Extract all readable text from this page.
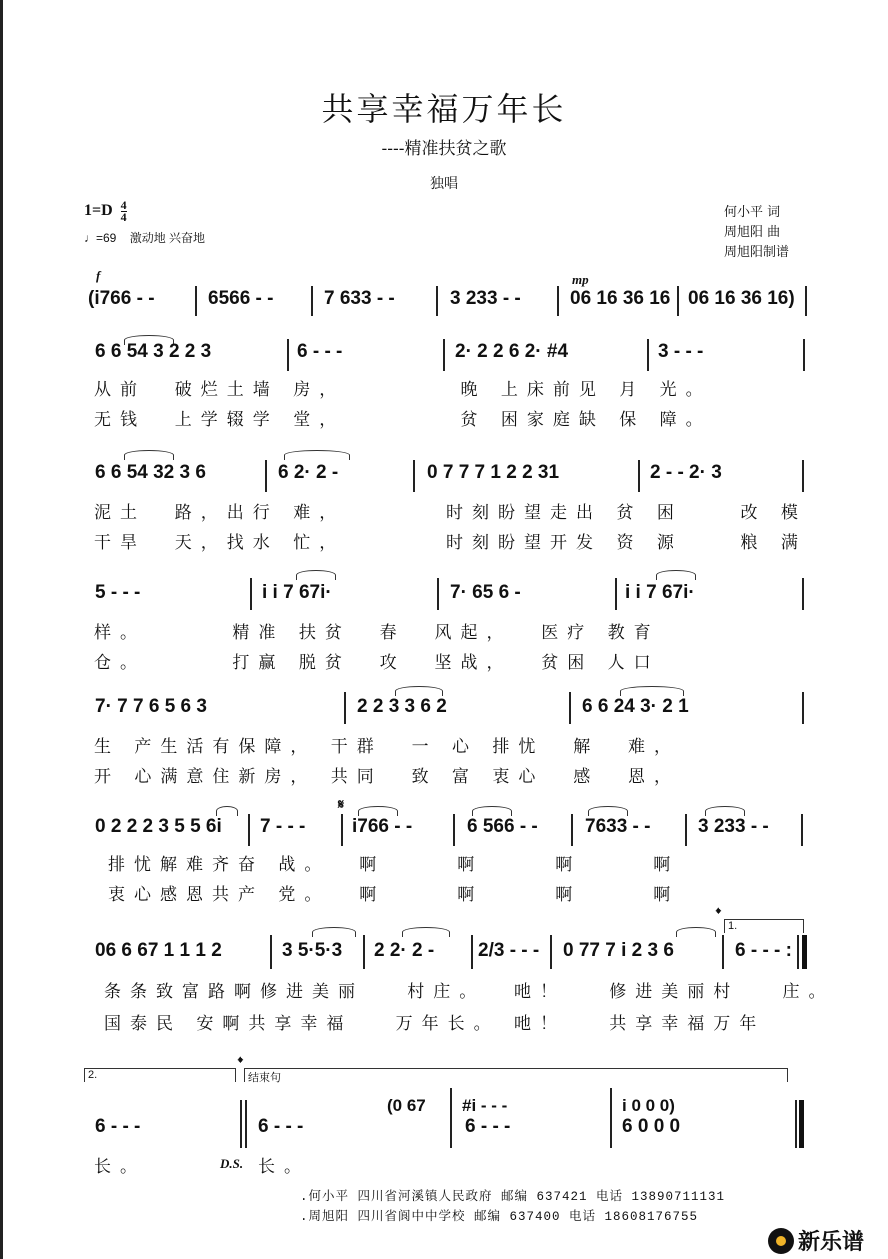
共享幸福万年长
----精准扶贫之歌
独唱
$1=D \frac{4}{4}$
♩=69 激动地 兴奋地
何小平 词
周旭阳 曲
周旭阳制谱
f	mp
(i766 - -	6566 - -	7 633 - -	3 233 - -	06 16 36 16 06 16 36 16)
6 6 54 3 2 2 3	6 - - -	2· 2 2 6 2· #4	3 - - -
从前  破烂土墙 房，        晚 上床前见 月 光。
无钱  上学辍学 堂，        贫 困家庭缺 保 障。
6 6 54 32 3 6	6 2· 2 -	0 7 7 7 1 2 2 31	2 - - 2· 3
泥土  路，出行 难，       时刻盼望走出 贫 困    改 模
干旱  天，找水 忙，       时刻盼望开发 资 源    粮 满
5 - - -	i i 7 67i·	7· 65 6 -	i i 7 67i·
样。      精准 扶贫  春  风起，  医疗 教育
仓。      打赢 脱贫  攻  坚战，  贫困 人口
7· 7 7 6 5 6 3	2 2 3 3 6 2	6 6 24 3· 2 1
生 产生活有保障， 干群  一 心 排忧  解  难，
开 心满意住新房， 共同  致 富 衷心  感  恩，
𝄋
0 2 2 2 3 5 5 6i 7 - - - i766 - -	6 566 - - 7633 - -	3 233 - -
排忧解难齐奋 战。  啊     啊     啊     啊
衷心感恩共产 党。  啊     啊     啊     啊
𝄌
1.
06 6 67 1 1 1 2	3 5·5·3 2 2· 2 - 2/3 - - - 0 77 7 i 2 3 6	6 - - - :
条条致富路啊修进美丽   村庄。  吔！   修进美丽村   庄。
国泰民 安啊共享幸福   万年长。 吔！   共享幸福万年
2.
𝄌
结束句
(0 67 #i - - -	i 0 0 0)
6 - - -	6 - - -	6 - - -	6 0 0 0
长。	D.S. 长。
.何小平 四川省河溪镇人民政府 邮编 637421 电话 13890711131
.周旭阳 四川省阆中中学校 邮编 637400 电话 18608176755
新乐谱
